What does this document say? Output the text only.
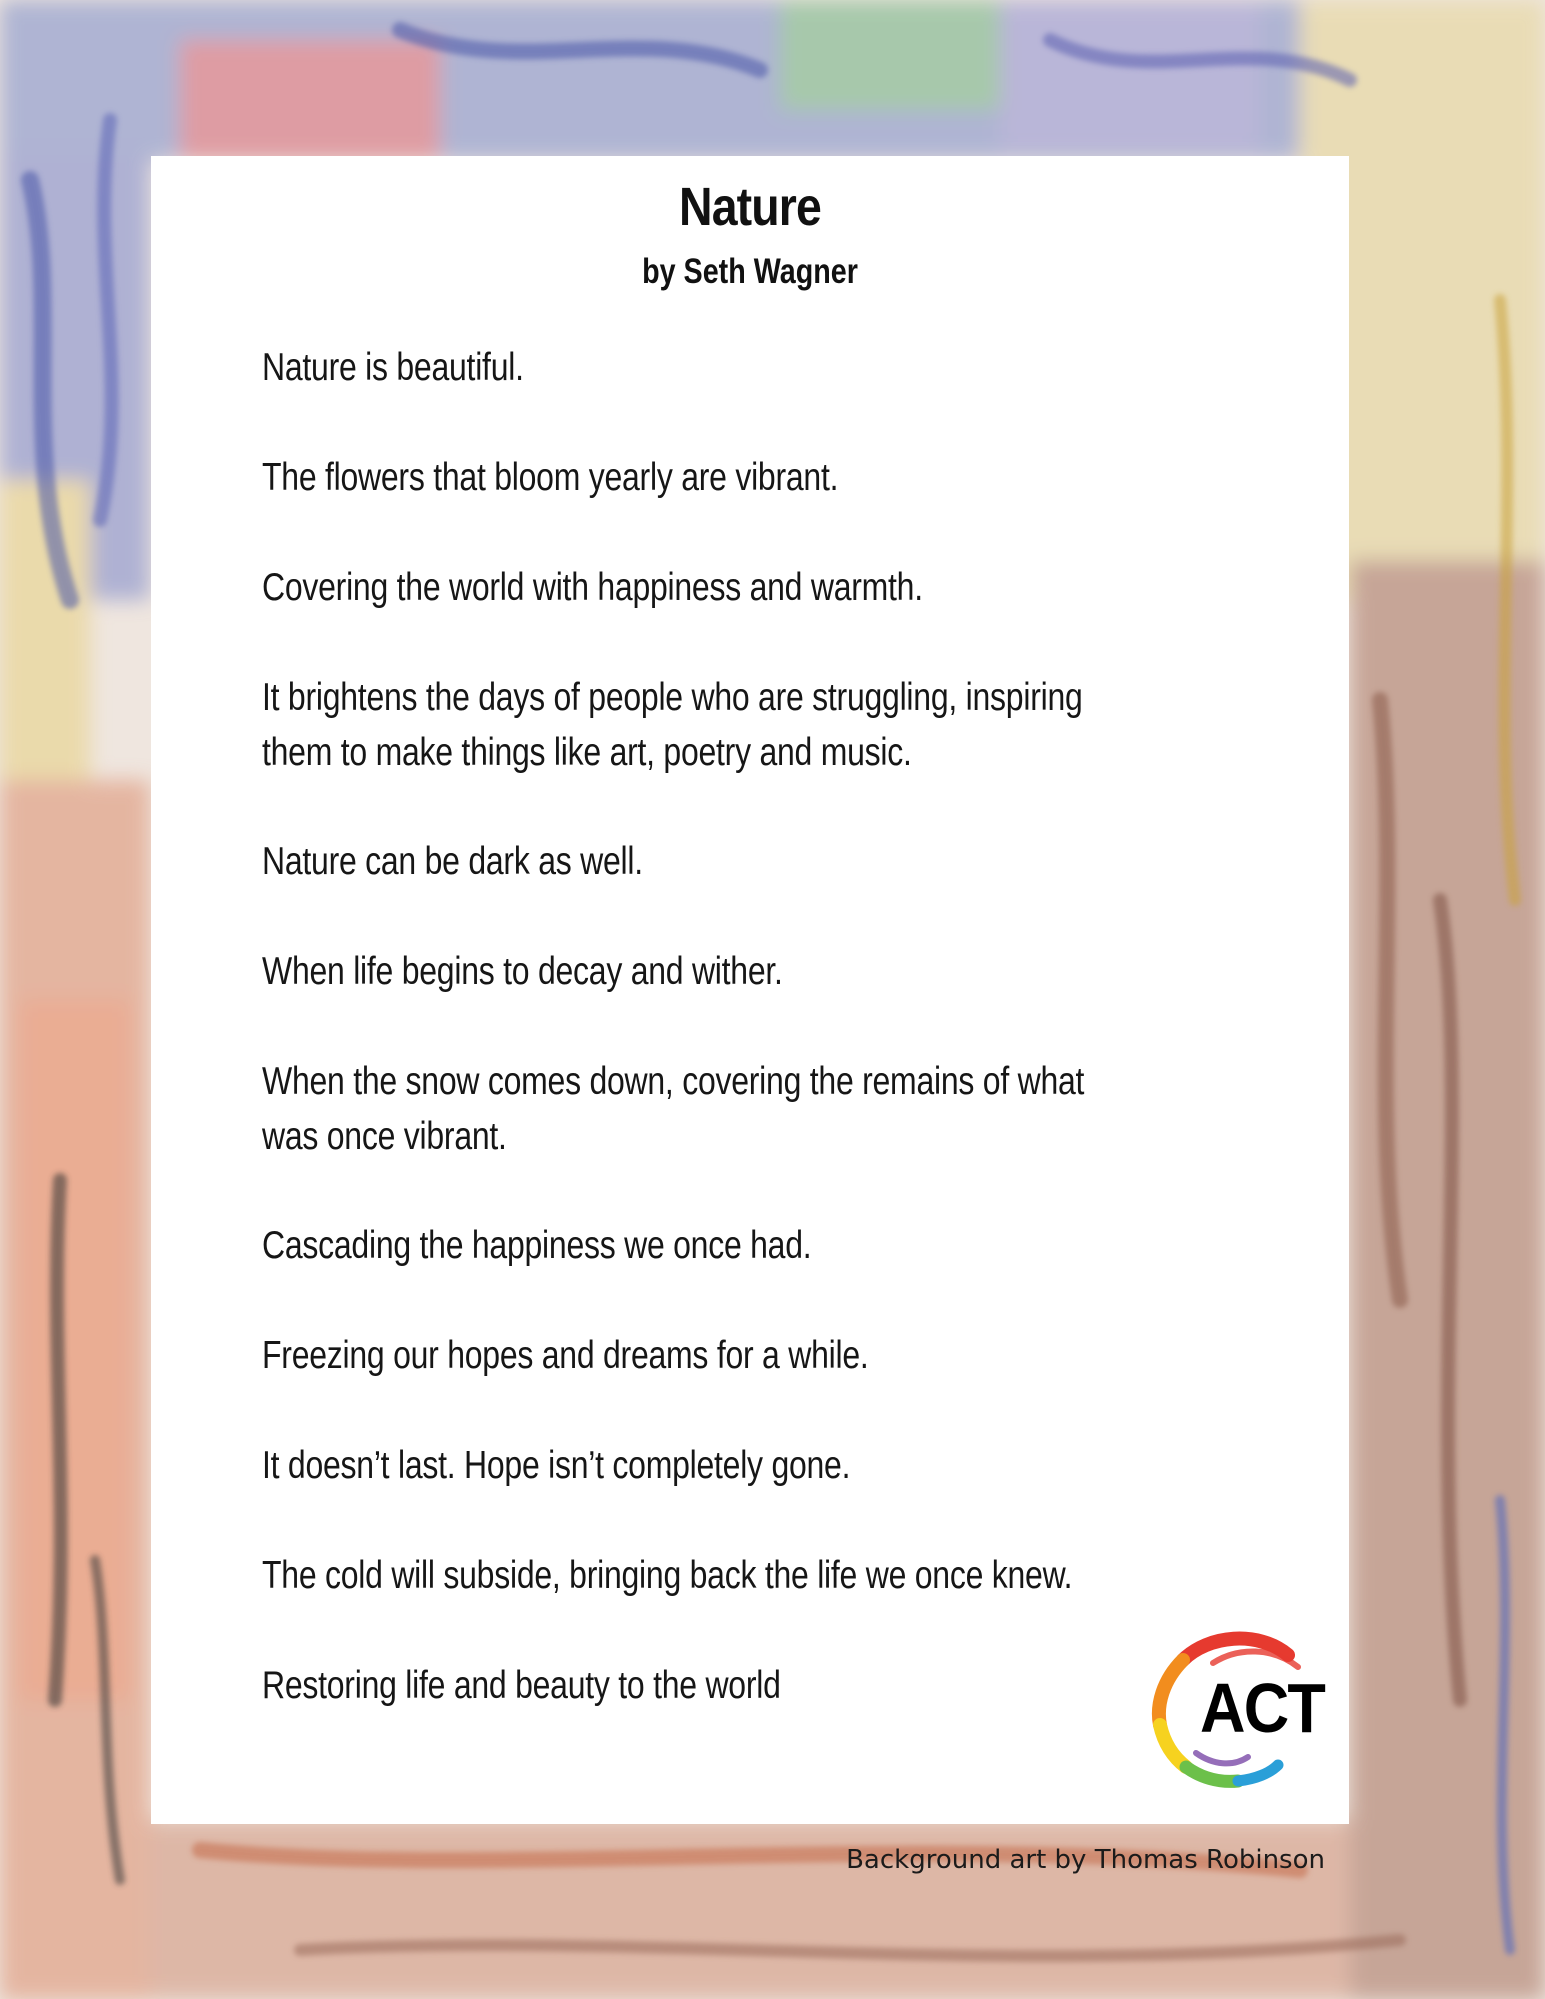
Nature
by Seth Wagner

Nature is beautiful.

The flowers that bloom yearly are vibrant.

Covering the world with happiness and warmth.

It brightens the days of people who are struggling, inspiring
them to make things like art, poetry and music.

Nature can be dark as well.

When life begins to decay and wither.

When the snow comes down, covering the remains of what
was once vibrant.

Cascading the happiness we once had.

Freezing our hopes and dreams for a while.

It doesn’t last. Hope isn’t completely gone.

The cold will subside, bringing back the life we once knew.

Restoring life and beauty to the world	ACT
Background art by Thomas Robinson
